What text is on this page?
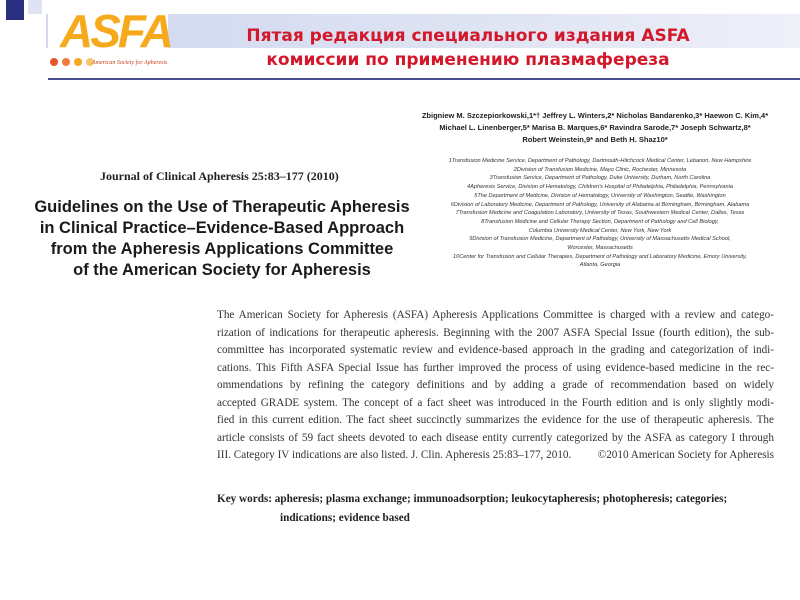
ASFA
American Society for Apheresis
Пятая редакция специального издания ASFA
комиссии по применению плазмафереза
Journal of Clinical Apheresis 25:83–177 (2010)
Guidelines on the Use of Therapeutic Apheresis
in Clinical Practice–Evidence-Based Approach
from the Apheresis Applications Committee
of the American Society for Apheresis
Zbigniew M. Szczepiorkowski,1*† Jeffrey L. Winters,2* Nicholas Bandarenko,3* Haewon C. Kim,4*
Michael L. Linenberger,5* Marisa B. Marques,6* Ravindra Sarode,7* Joseph Schwartz,8*
Robert Weinstein,9* and Beth H. Shaz10*
1Transfusion Medicine Service, Department of Pathology, Dartmouth-Hitchcock Medical Center, Lebanon, New Hampshire
2Division of Transfusion Medicine, Mayo Clinic, Rochester, Minnesota
3Transfusion Service, Department of Pathology, Duke University, Durham, North Carolina
4Apheresis Service, Division of Hematology, Children's Hospital of Philadelphia, Philadelphia, Pennsylvania
5The Department of Medicine, Division of Hematology, University of Washington, Seattle, Washington
6Division of Laboratory Medicine, Department of Pathology, University of Alabama at Birmingham, Birmingham, Alabama
7Transfusion Medicine and Coagulation Laboratory, University of Texas, Southwestern Medical Center, Dallas, Texas
8Transfusion Medicine and Cellular Therapy Section, Department of Pathology and Cell Biology,
Columbia University Medical Center, New York, New York
9Division of Transfusion Medicine, Department of Pathology, University of Massachusetts Medical School,
Worcester, Massachusetts
10Center for Transfusion and Cellular Therapies, Department of Pathology and Laboratory Medicine, Emory University,
Atlanta, Georgia
The American Society for Apheresis (ASFA) Apheresis Applications Committee is charged with a review and catego-
rization of indications for therapeutic apheresis. Beginning with the 2007 ASFA Special Issue (fourth edition), the sub-
committee has incorporated systematic review and evidence-based approach in the grading and categorization of indi-
cations. This Fifth ASFA Special Issue has further improved the process of using evidence-based medicine in the rec-
ommendations by refining the category definitions and by adding a grade of recommendation based on widely
accepted GRADE system. The concept of a fact sheet was introduced in the Fourth edition and is only slightly modi-
fied in this current edition. The fact sheet succinctly summarizes the evidence for the use of therapeutic apheresis. The
article consists of 59 fact sheets devoted to each disease entity currently categorized by the ASFA as category I through
III. Category IV indications are also listed. J. Clin. Apheresis 25:83–177, 2010. ©2010 American Society for Apheresis
Key words: apheresis; plasma exchange; immunoadsorption; leukocytapheresis; photopheresis; categories;
indications; evidence based
